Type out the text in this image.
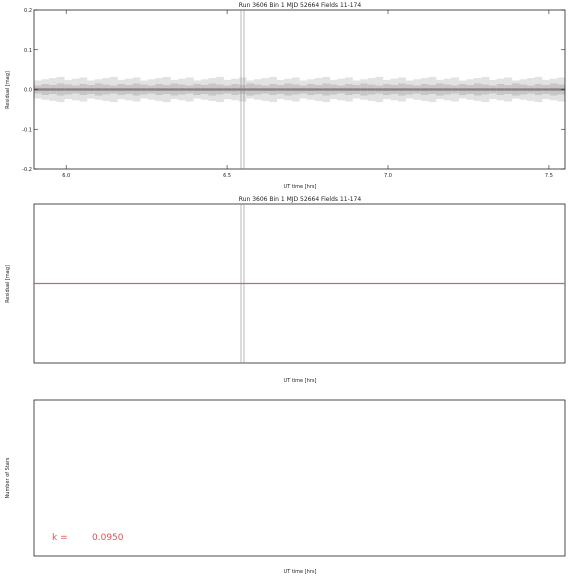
Run 3606 Bin 1 MJD 52664 Fields 11-174
-0.2
-0.1
0.0
0.1
0.2
6.0	6.5	7.0	7.5
Residual [mag]
UT time [hrs]
Run 3606 Bin 1 MJD 52664 Fields 11-174
Residual [mag]
UT time [hrs]
k =	0.0950
Number of Stars
UT time [hrs]
